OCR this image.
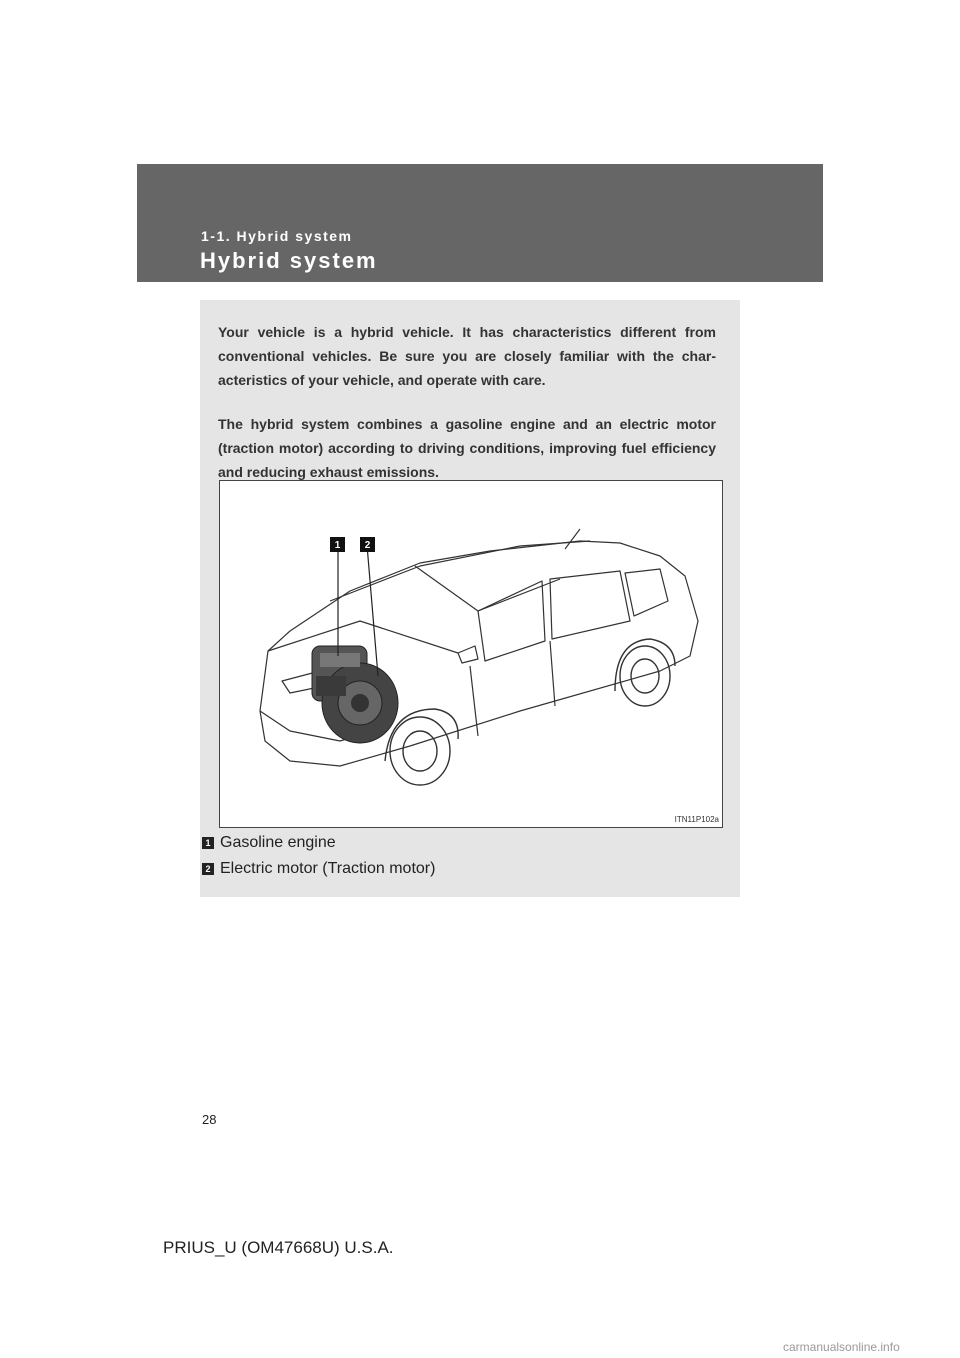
1-1. Hybrid system
Hybrid system

Your vehicle is a hybrid vehicle. It has characteristics different from conventional vehicles. Be sure you are closely familiar with the char- acteristics of your vehicle, and operate with care.

The hybrid system combines a gasoline engine and an electric motor (traction motor) according to driving conditions, improving fuel efficiency and reducing exhaust emissions.

1 2
ITN11P102a
1 Gasoline engine
2 Electric motor (Traction motor)
28
PRIUS_U (OM47668U) U.S.A.
carmanualsonline.info
